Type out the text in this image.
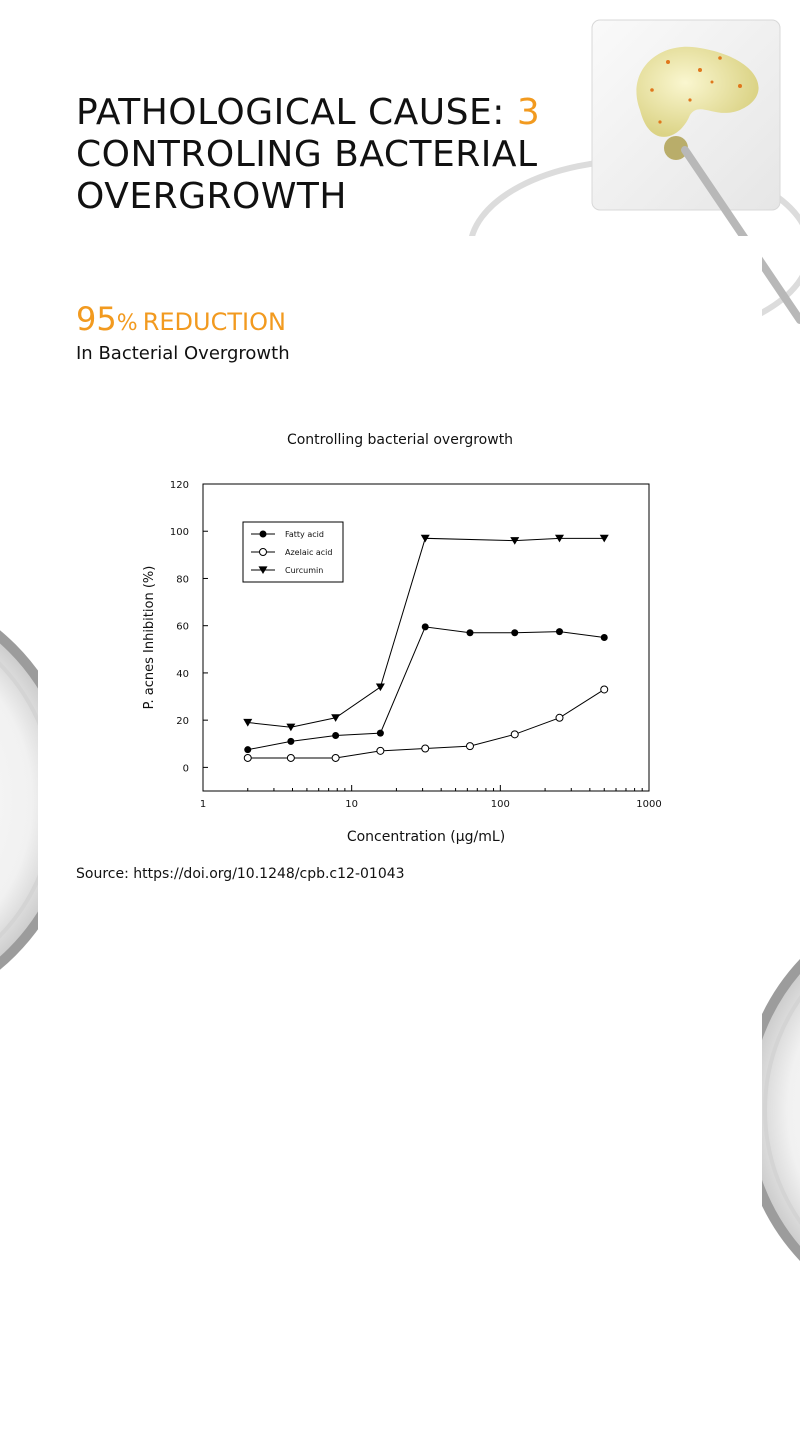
PATHOLOGICAL CAUSE: 3
CONTROLING BACTERIAL
OVERGROWTH

95% REDUCTION

In Bacterial Overgrowth

Controlling bacterial overgrowth
0
20
40
60
80
100
120
1	10	100	1000
Concentration (µg/mL)
P. acnes Inhibition (%)
Fatty acid
Azelaic acid
Curcumin
Source: https://doi.org/10.1248/cpb.c12-01043
